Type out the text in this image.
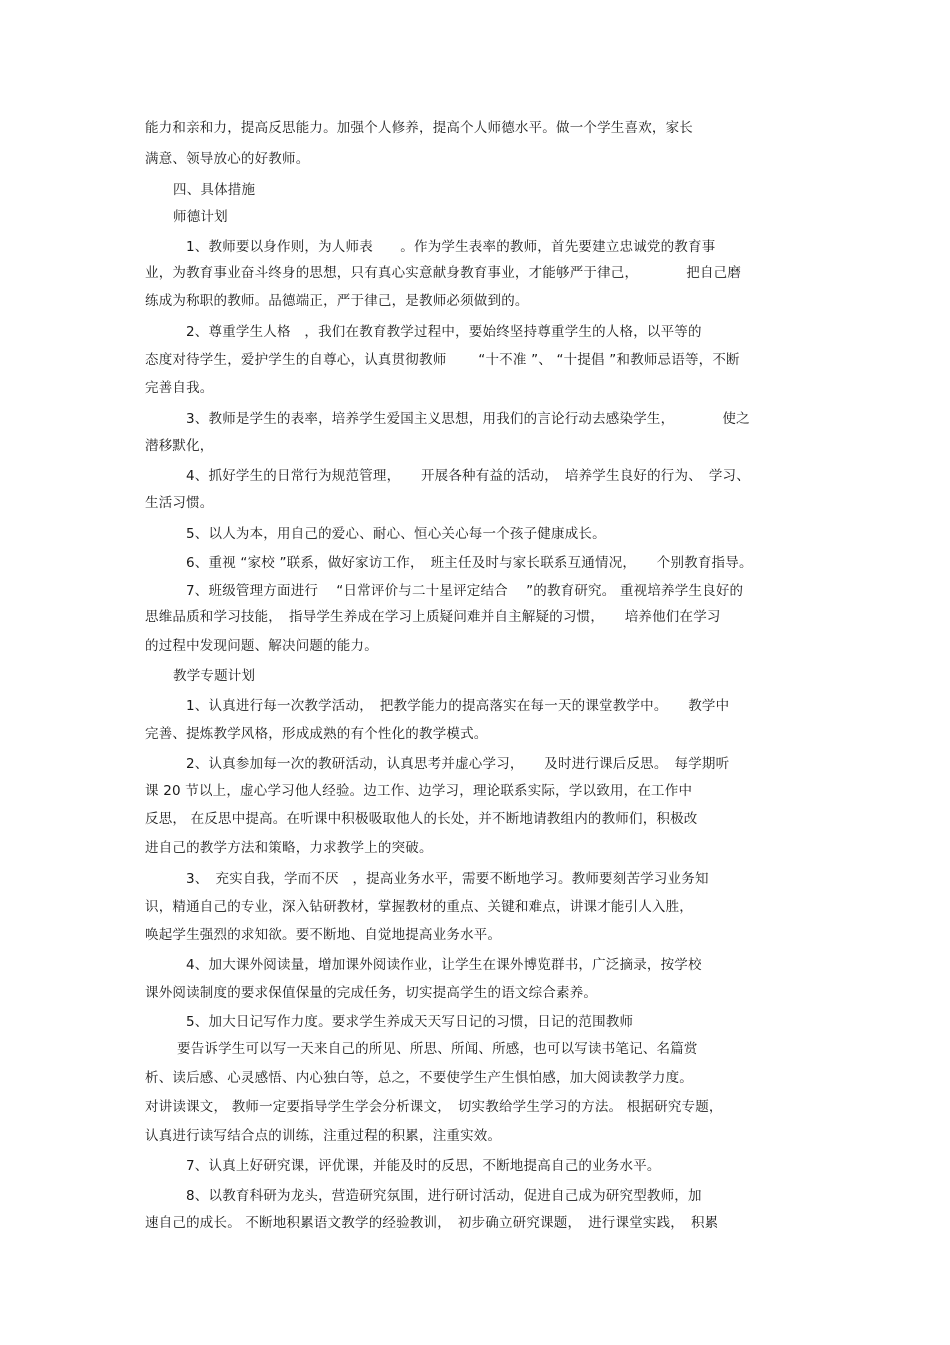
能力和亲和力，提高反思能力。加强个人修养，提高个人师德水平。做一个学生喜欢，家长
满意、领导放心的好教师。
四、具体措施
师德计划
1、教师要以身作则，为人师表　　。作为学生表率的教师，首先要建立忠诚党的教育事
业，为教育事业奋斗终身的思想，只有真心实意献身教育事业，才能够严于律己，　　　　把自己磨
练成为称职的教师。品德端正，严于律己，是教师必须做到的。
2、尊重学生人格　，我们在教育教学过程中，要始终坚持尊重学生的人格，以平等的
态度对待学生，爱护学生的自尊心，认真贯彻教师　　 “十不准 ”、 “十提倡 ”和教师忌语等，不断
完善自我。
3、教师是学生的表率，培养学生爱国主义思想，用我们的言论行动去感染学生，　　　　使之
潜移默化，
4、抓好学生的日常行为规范管理，　　开展各种有益的活动，　培养学生良好的行为、　学习、
生活习惯。
5、以人为本，用自己的爱心、耐心、恒心关心每一个孩子健康成长。
6、重视 “家校 ”联系，做好家访工作，　班主任及时与家长联系互通情况，　　个别教育指导。
7、班级管理方面进行　 “日常评价与二十星评定结合　 ”的教育研究。 重视培养学生良好的
思维品质和学习技能，　指导学生养成在学习上质疑问难并自主解疑的习惯，　　培养他们在学习
的过程中发现问题、解决问题的能力。
教学专题计划
1、认真进行每一次教学活动，　把教学能力的提高落实在每一天的课堂教学中。　　教学中
完善、提炼教学风格，形成成熟的有个性化的教学模式。
2、认真参加每一次的教研活动，认真思考并虚心学习，　　及时进行课后反思。　每学期听
课 20 节以上，虚心学习他人经验。边工作、边学习，理论联系实际，学以致用，在工作中
反思， 在反思中提高。在听课中积极吸取他人的长处，并不断地请教组内的教师们，积极改
进自己的教学方法和策略，力求教学上的突破。
3、　充实自我，学而不厌　，提高业务水平，需要不断地学习。教师要刻苦学习业务知
识，精通自己的专业，深入钻研教材，掌握教材的重点、关键和难点，讲课才能引人入胜，
唤起学生强烈的求知欲。要不断地、自觉地提高业务水平。
4、加大课外阅读量，增加课外阅读作业，让学生在课外博览群书，广泛摘录，按学校
课外阅读制度的要求保值保量的完成任务，切实提高学生的语文综合素养。
5、加大日记写作力度。要求学生养成天天写日记的习惯，日记的范围教师
要告诉学生可以写一天来自己的所见、所思、所闻、所感，也可以写读书笔记、名篇赏
析、读后感、心灵感悟、内心独白等，总之，不要使学生产生惧怕感，加大阅读教学力度。
对讲读课文， 教师一定要指导学生学会分析课文，　切实教给学生学习的方法。 根据研究专题，
认真进行读写结合点的训练，注重过程的积累，注重实效。
7、认真上好研究课，评优课，并能及时的反思，不断地提高自己的业务水平。
8、以教育科研为龙头，营造研究氛围，进行研讨活动，促进自己成为研究型教师，加
速自己的成长。 不断地积累语文教学的经验教训，　初步确立研究课题，　进行课堂实践，　积累
